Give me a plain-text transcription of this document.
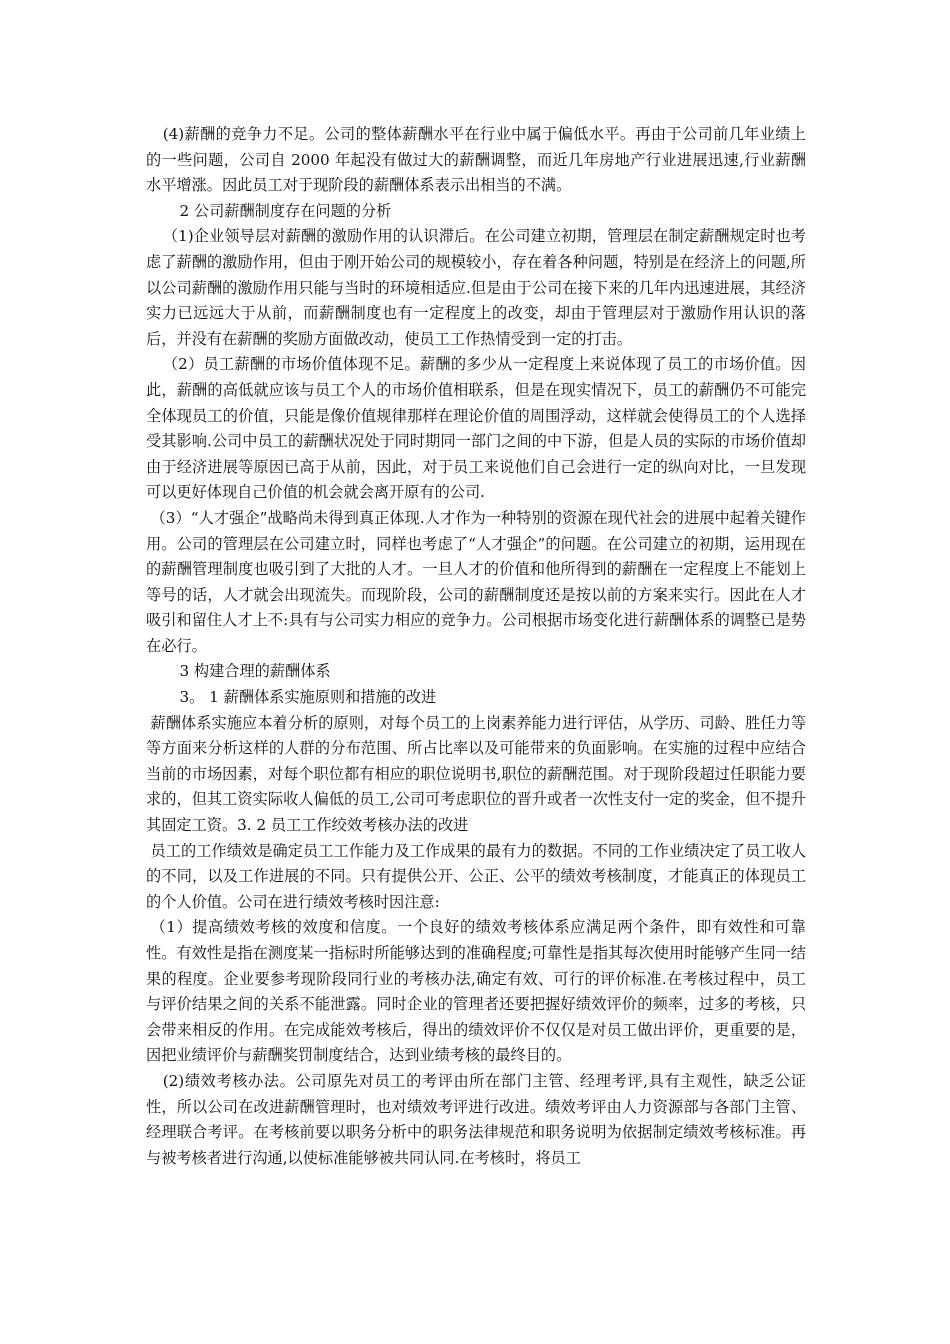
(4)薪酬的竞争力不足。公司的整体薪酬水平在行业中属于偏低水平。再由于公司前几年业绩上的一些问题，公司自 2000 年起没有做过大的薪酬调整，而近几年房地产行业进展迅速,行业薪酬水平增涨。因此员工对于现阶段的薪酬体系表示出相当的不满。

2 公司薪酬制度存在问题的分析

（1)企业领导层对薪酬的激励作用的认识滞后。在公司建立初期，管理层在制定薪酬规定时也考虑了薪酬的激励作用，但由于刚开始公司的规模较小，存在着各种问题，特别是在经济上的问题,所以公司薪酬的激励作用只能与当时的环境相适应.但是由于公司在接下来的几年内迅速进展，其经济实力已远远大于从前，而薪酬制度也有一定程度上的改变，却由于管理层对于激励作用认识的落后，并没有在薪酬的奖励方面做改动，使员工工作热情受到一定的打击。

（2）员工薪酬的市场价值体现不足。薪酬的多少从一定程度上来说体现了员工的市场价值。因此，薪酬的高低就应该与员工个人的市场价值相联系，但是在现实情况下，员工的薪酬仍不可能完全体现员工的价值，只能是像价值规律那样在理论价值的周围浮动，这样就会使得员工的个人选择受其影响.公司中员工的薪酬状况处于同时期同一部门之间的中下游，但是人员的实际的市场价值却由于经济进展等原因已高于从前，因此，对于员工来说他们自己会进行一定的纵向对比，一旦发现可以更好体现自己价值的机会就会离开原有的公司.

（3）“人才强企”战略尚未得到真正体现.人才作为一种特别的资源在现代社会的进展中起着关键作用。公司的管理层在公司建立时，同样也考虑了“人才强企”的问题。在公司建立的初期，运用现在的薪酬管理制度也吸引到了大批的人才。一旦人才的价值和他所得到的薪酬在一定程度上不能划上等号的话，人才就会出现流失。而现阶段，公司的薪酬制度还是按以前的方案来实行。因此在人才吸引和留住人才上不:具有与公司实力相应的竞争力。公司根据市场变化进行薪酬体系的调整已是势在必行。

3 构建合理的薪酬体系

3。 1 薪酬体系实施原则和措施的改进

薪酬体系实施应本着分析的原则，对每个员工的上岗素养能力进行评估，从学历、司龄、胜任力等等方面来分析这样的人群的分布范围、所占比率以及可能带来的负面影响。在实施的过程中应结合当前的市场因素，对每个职位都有相应的职位说明书,职位的薪酬范围。对于现阶段超过任职能力要求的，但其工资实际收人偏低的员工,公司可考虑职位的晋升或者一次性支付一定的奖金，但不提升其固定工资。3. 2 员工工作绞效考核办法的改进

员工的工作绩效是确定员工工作能力及工作成果的最有力的数据。不同的工作业绩决定了员工收人的不同，以及工作进展的不同。只有提供公开、公正、公平的绩效考核制度，才能真正的体现员工的个人价值。公司在进行绩效考核时因注意:

（1）提高绩效考核的效度和信度。一个良好的绩效考核体系应满足两个条件，即有效性和可靠性。有效性是指在测度某一指标时所能够达到的准确程度;可靠性是指其每次使用时能够产生同一结果的程度。企业要参考现阶段同行业的考核办法,确定有效、可行的评价标准.在考核过程中，员工与评价结果之间的关系不能泄露。同时企业的管理者还要把握好绩效评价的频率，过多的考核，只会带来相反的作用。在完成能效考核后，得出的绩效评价不仅仅是对员工做出评价，更重要的是，因把业绩评价与薪酬奖罚制度结合，达到业绩考核的最终目的。

(2)绩效考核办法。公司原先对员工的考评由所在部门主管、经理考评,具有主观性，缺乏公证性，所以公司在改进薪酬管理时，也对绩效考评进行改进。绩效考评由人力资源部与各部门主管、经理联合考评。在考核前要以职务分析中的职务法律规范和职务说明为依据制定绩效考核标准。再与被考核者进行沟通,以使标准能够被共同认同.在考核时，将员工
